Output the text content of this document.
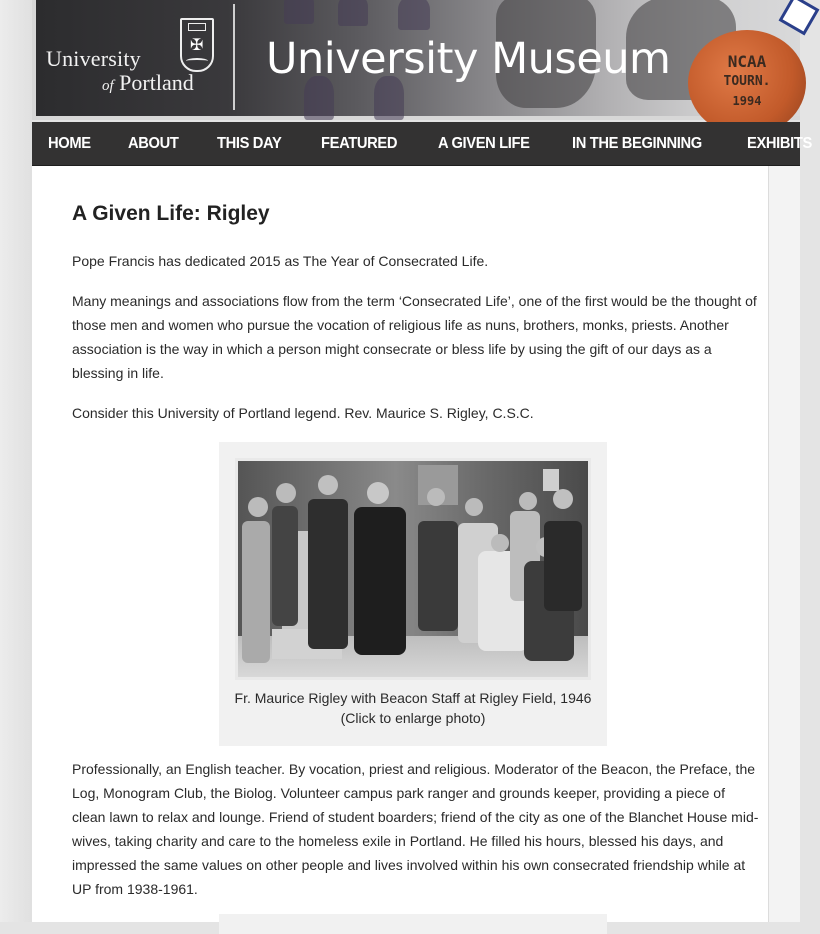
University
of Portland
✠ University Museum	NCAA
TOURN.
1994
HOME ABOUT THIS DAY FEATURED	A GIVEN LIFE	IN THE BEGINNING	EXHIBITS
A Given Life: Rigley

Pope Francis has dedicated 2015 as The Year of Consecrated Life.

Many meanings and associations flow from the term ‘Consecrated Life’, one of the first would be the thought of those men and women who pursue the vocation of religious life as nuns, brothers, monks, priests. Another association is the way in which a person might consecrate or bless life by using the gift of our days as a blessing in life.

Consider this University of Portland legend. Rev. Maurice S. Rigley, C.S.C.

Fr. Maurice Rigley with Beacon Staff at Rigley Field, 1946
(Click to enlarge photo)

Professionally, an English teacher. By vocation, priest and religious. Moderator of the Beacon, the Preface, the Log, Monogram Club, the Biolog. Volunteer campus park ranger and grounds keeper, providing a piece of clean lawn to relax and lounge. Friend of student boarders; friend of the city as one of the Blanchet House mid-wives, taking charity and care to the homeless exile in Portland. He filled his hours, blessed his days, and impressed the same values on other people and lives involved within his own consecrated friendship while at UP from 1938-1961.
